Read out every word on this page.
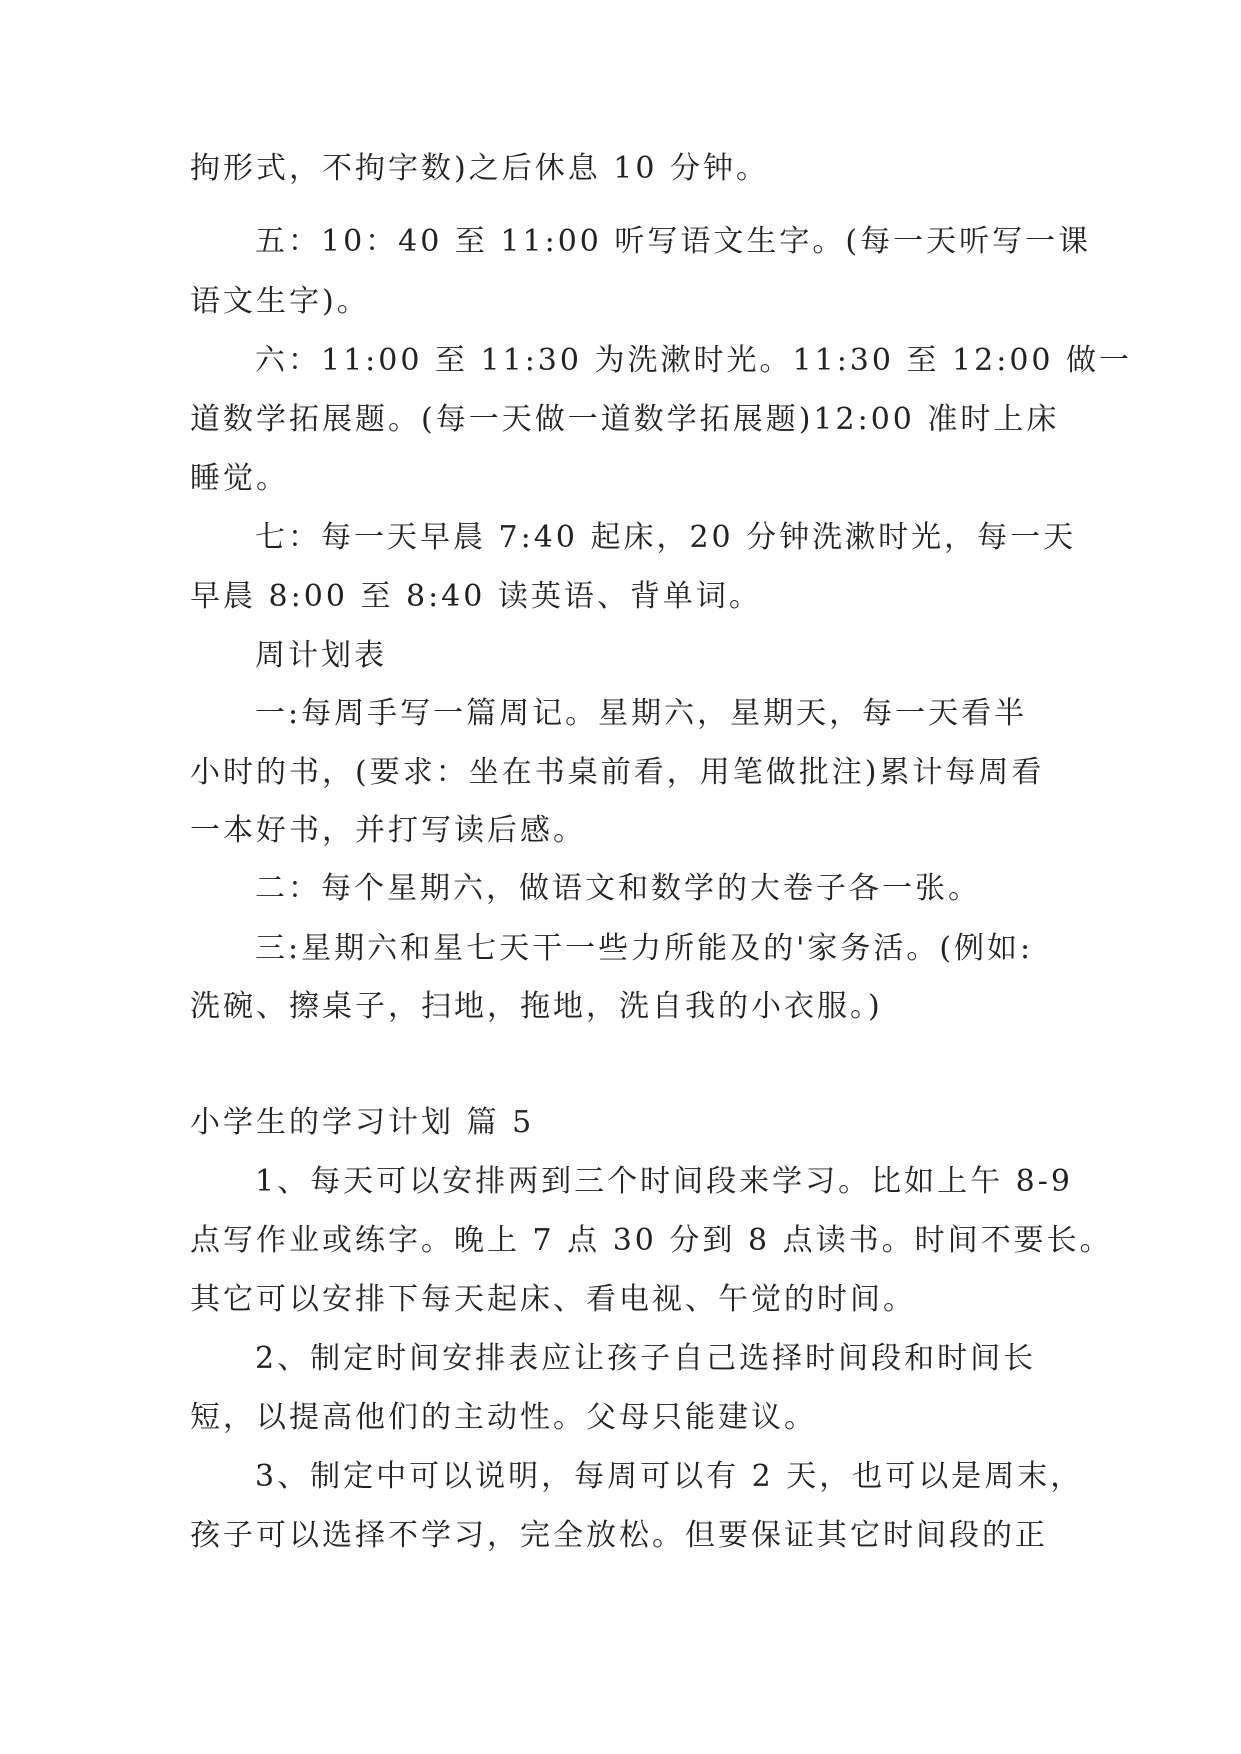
拘形式，不拘字数)之后休息 10 分钟。

五：10：40 至 11:00 听写语文生字。(每一天听写一课

语文生字)。

六：11:00 至 11:30 为洗漱时光。11:30 至 12:00 做一

道数学拓展题。(每一天做一道数学拓展题)12:00 准时上床

睡觉。

七：每一天早晨 7:40 起床，20 分钟洗漱时光，每一天

早晨 8:00 至 8:40 读英语、背单词。

周计划表

一:每周手写一篇周记。星期六，星期天，每一天看半

小时的书，(要求：坐在书桌前看，用笔做批注)累计每周看

一本好书，并打写读后感。

二：每个星期六，做语文和数学的大卷子各一张。

三:星期六和星七天干一些力所能及的'家务活。(例如:

洗碗、擦桌子，扫地，拖地，洗自我的小衣服。)

小学生的学习计划 篇 5

1、每天可以安排两到三个时间段来学习。比如上午 8-9

点写作业或练字。晚上 7 点 30 分到 8 点读书。时间不要长。

其它可以安排下每天起床、看电视、午觉的时间。

2、制定时间安排表应让孩子自己选择时间段和时间长

短，以提高他们的主动性。父母只能建议。

3、制定中可以说明，每周可以有 2 天，也可以是周末，

孩子可以选择不学习，完全放松。但要保证其它时间段的正
